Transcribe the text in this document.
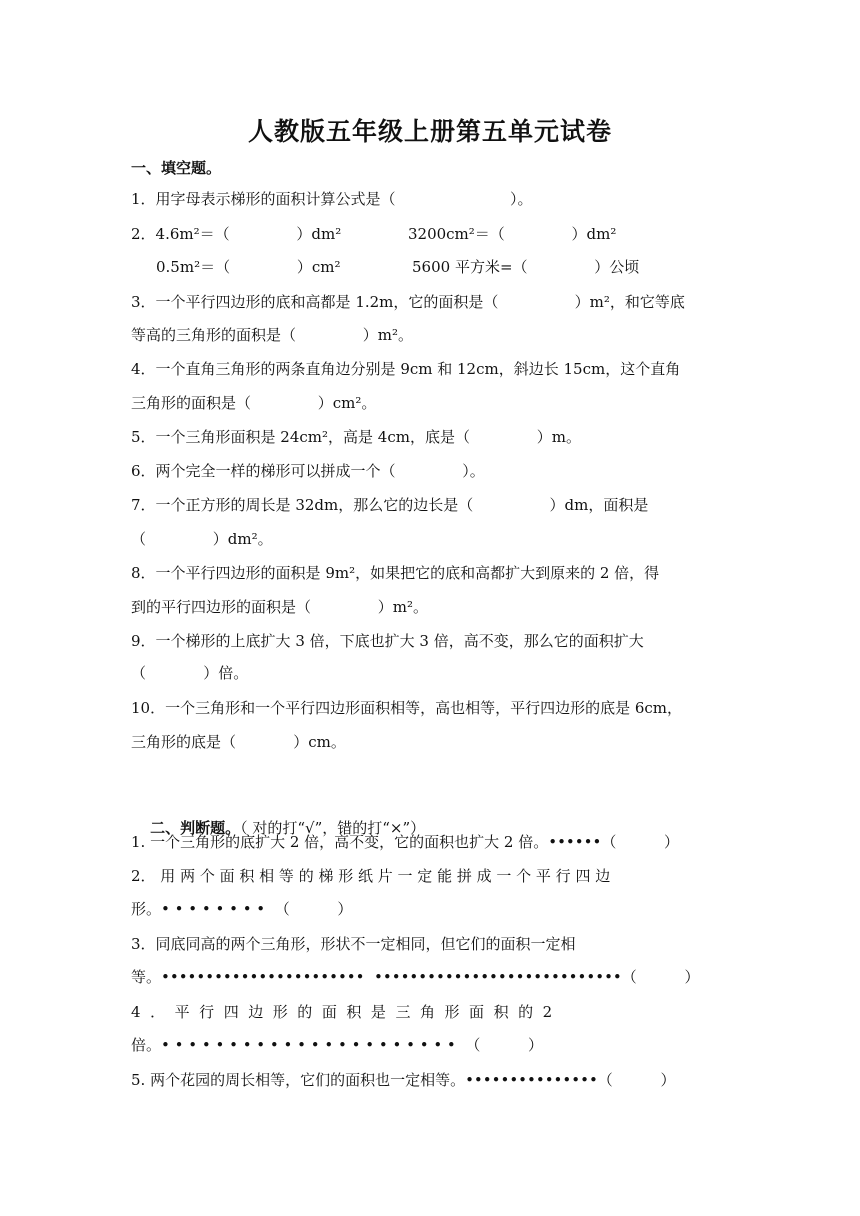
人教版五年级上册第五单元试卷
一、填空题。
1．用字母表示梯形的面积计算公式是（                        ）。
2．4.6m²＝（              ）dm²              3200cm²＝（              ）dm²
0.5m²＝（              ）cm²               5600 平方米=（              ）公顷
3．一个平行四边形的底和高都是 1.2m，它的面积是（                ）m²，和它等底
等高的三角形的面积是（              ）m²。
4．一个直角三角形的两条直角边分别是 9cm 和 12cm，斜边长 15cm，这个直角
三角形的面积是（              ）cm²。
5．一个三角形面积是 24cm²，高是 4cm，底是（              ）m。
6．两个完全一样的梯形可以拼成一个（              ）。
7．一个正方形的周长是 32dm，那么它的边长是（                ）dm，面积是
（              ）dm²。
8．一个平行四边形的面积是 9m²，如果把它的底和高都扩大到原来的 2 倍，得
到的平行四边形的面积是（              ）m²。
9．一个梯形的上底扩大 3 倍，下底也扩大 3 倍，高不变，那么它的面积扩大
（            ）倍。
10．一个三角形和一个平行四边形面积相等，高也相等，平行四边形的底是 6cm，
三角形的底是（            ）cm。

二、判断题。（ 对的打“√”，错的打“×”）

1. 一个三角形的底扩大 2 倍，高不变，它的面积也扩大 2 倍。••••••（          ）
2． 用 两 个 面 积 相 等 的 梯 形 纸 片 一 定 能 拼 成 一 个 平 行 四 边
形。• • • • • • • •  （          ）
3．同底同高的两个三角形，形状不一定相同，但它们的面积一定相
等。•••••••••••••••••••••••  ••••••••••••••••••••••••••••（          ）
4  ．  平  行  四  边  形  的  面  积  是  三  角  形  面  积  的  2
倍。• • • • • • • • • • • • • • • • • • • • • •  （          ）
5. 两个花园的周长相等，它们的面积也一定相等。•••••••••••••••（          ）
